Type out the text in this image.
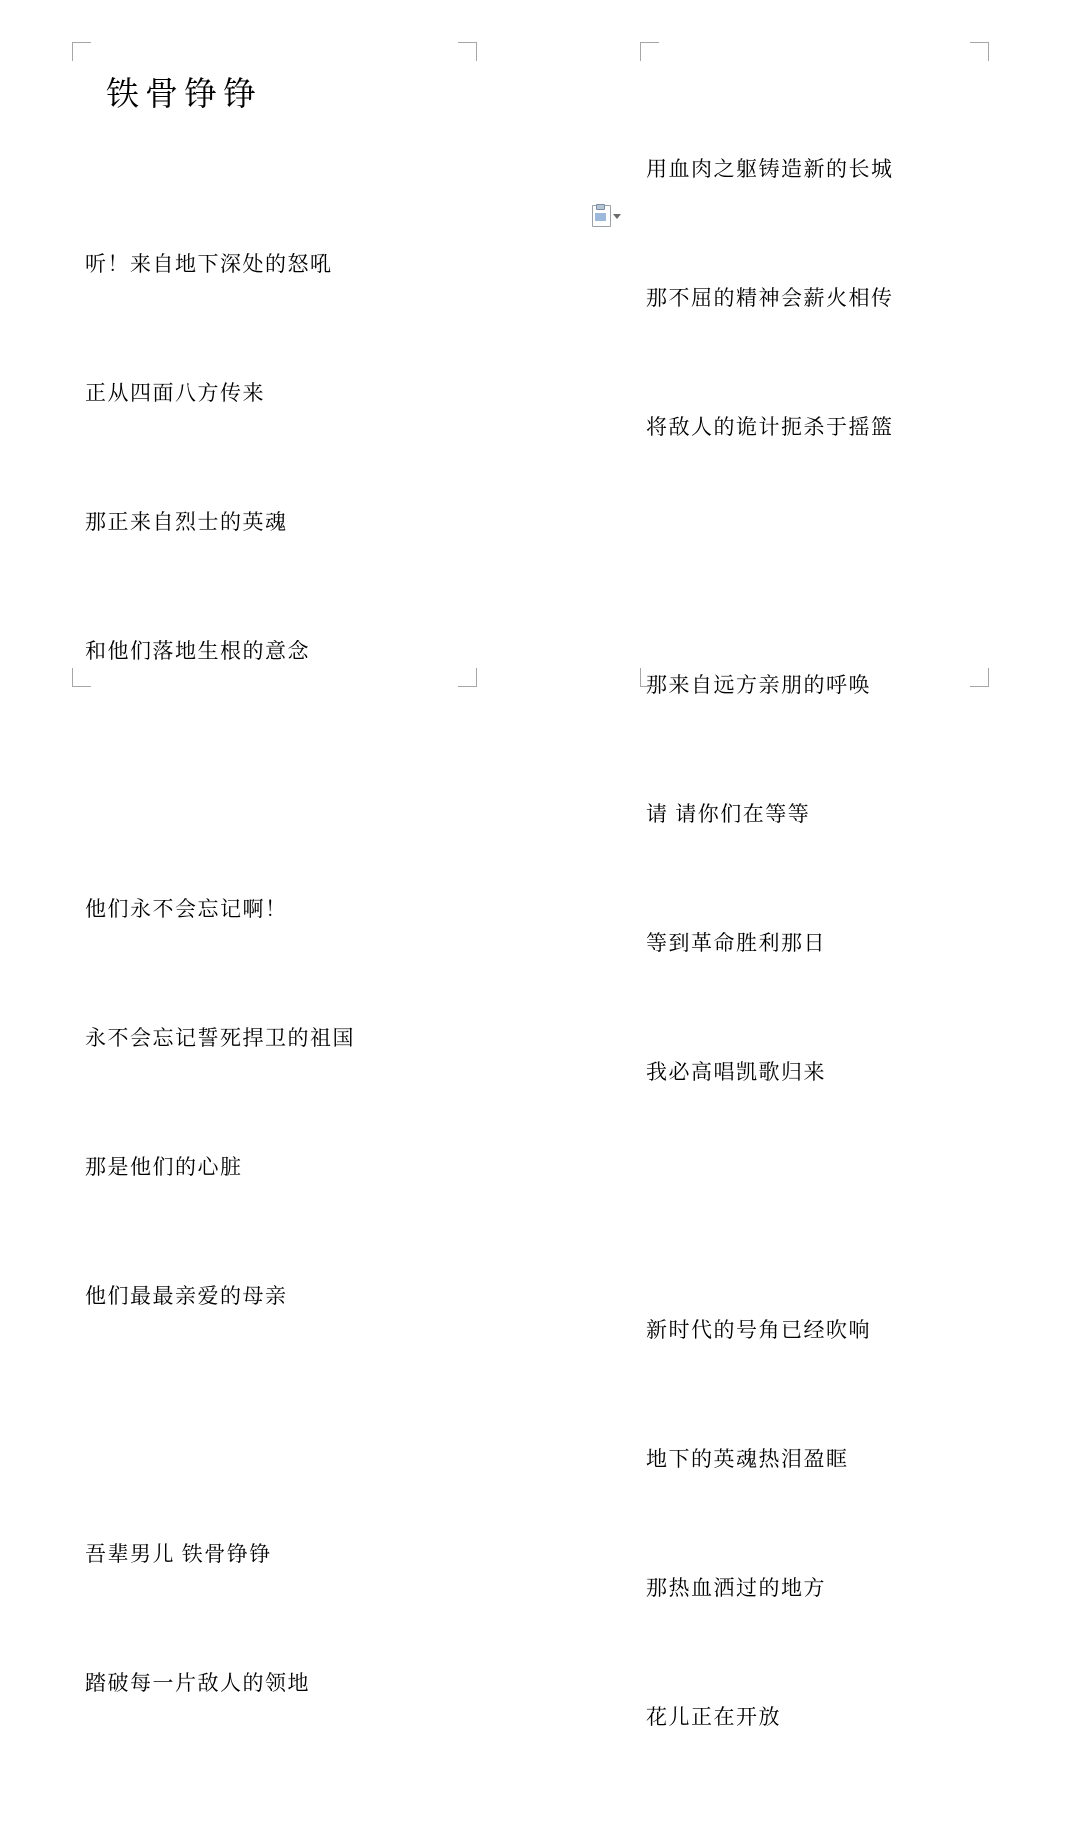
铁骨铮铮

听！来自地下深处的怒吼

正从四面八方传来

那正来自烈士的英魂

和他们落地生根的意念

他们永不会忘记啊！

永不会忘记誓死捍卫的祖国

那是他们的心脏

他们最最亲爱的母亲

吾辈男儿 铁骨铮铮

踏破每一片敌人的领地

用血肉之躯铸造新的长城

那不屈的精神会薪火相传

将敌人的诡计扼杀于摇篮

那来自远方亲朋的呼唤

请 请你们在等等

等到革命胜利那日

我必高唱凯歌归来

新时代的号角已经吹响

地下的英魂热泪盈眶

那热血洒过的地方

花儿正在开放
